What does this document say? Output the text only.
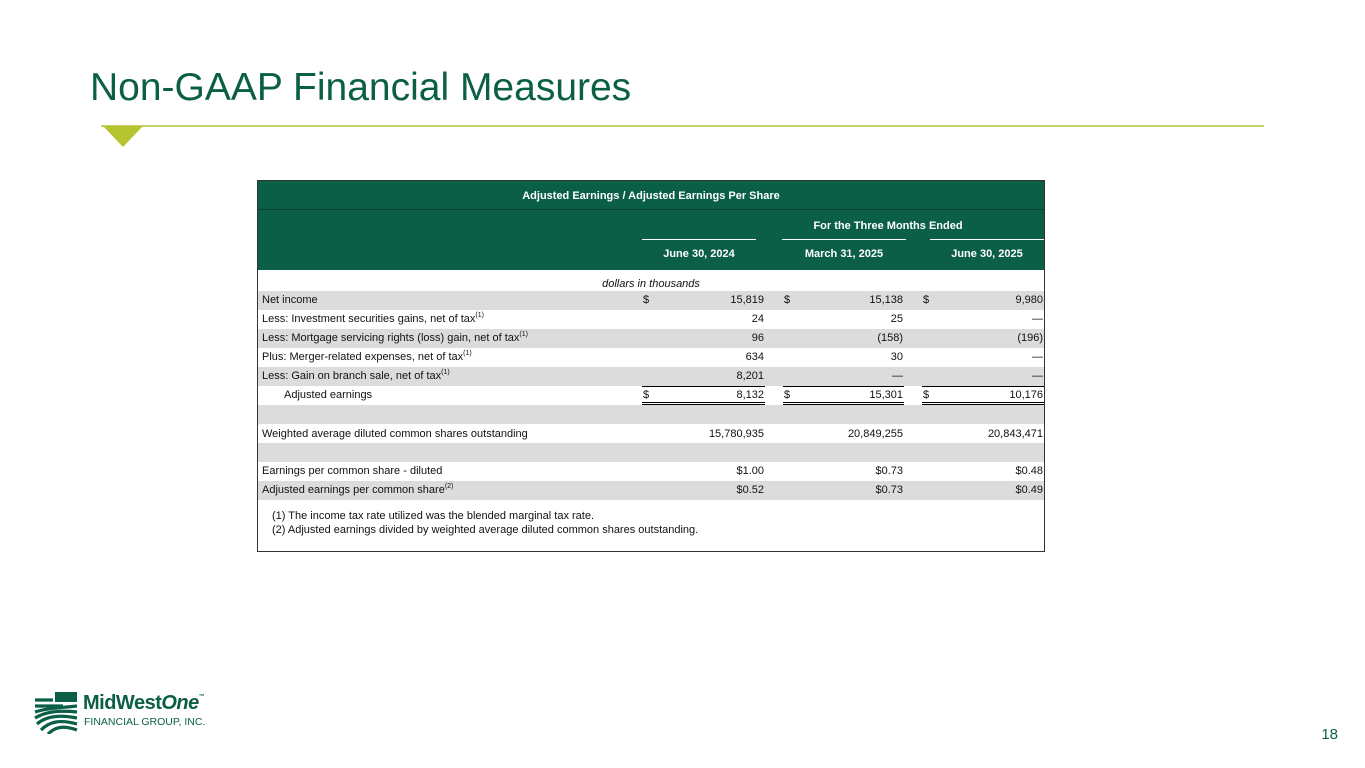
Non-GAAP Financial Measures
Adjusted Earnings / Adjusted Earnings Per Share
For the Three Months Ended
June 30, 2024	March 31, 2025	June 30, 2025
dollars in thousands
Net income	$	15,819 $	15,138 $	9,980
Less: Investment securities gains, net of tax$^{(1)}$	24	25	—
Less: Mortgage servicing rights (loss) gain, net of tax$^{(1)}$	96	(158)	(196)
Plus: Merger-related expenses, net of tax$^{(1)}$	634	30	—
Less: Gain on branch sale, net of tax$^{(1)}$	8,201	—	—
Adjusted earnings	$	8,132 $	15,301 $	10,176
Weighted average diluted common shares outstanding	15,780,935	20,849,255	20,843,471
Earnings per common share - diluted	$1.00	$0.73	$0.48
Adjusted earnings per common share$^{(2)}$	$0.52	$0.73	$0.49
(1) The income tax rate utilized was the blended marginal tax rate.
(2) Adjusted earnings divided by weighted average diluted common shares outstanding.
MidWestOne™
FINANCIAL GROUP, INC.
18
